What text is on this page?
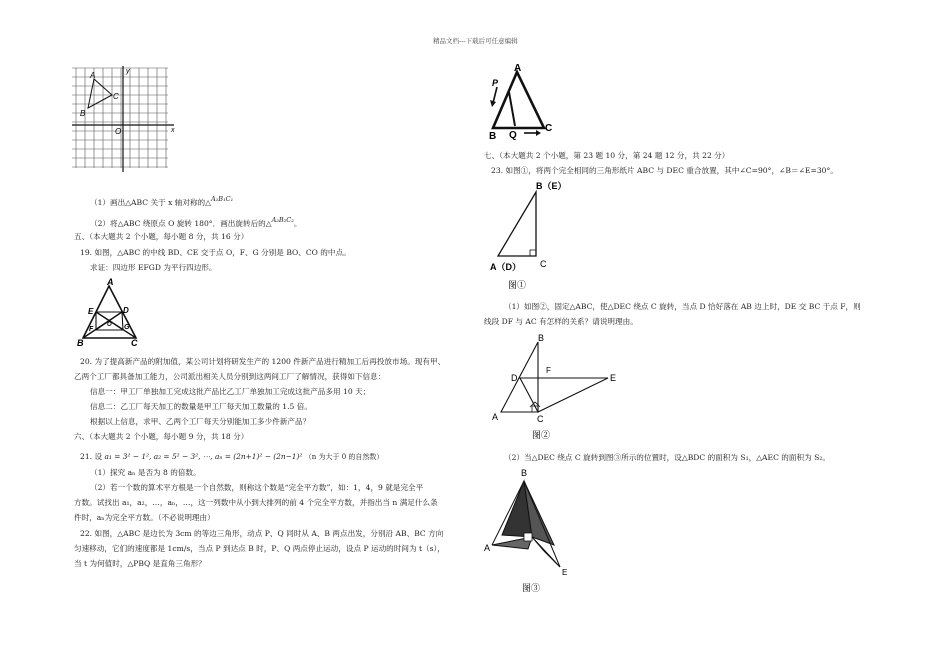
精品文档---下载后可任意编辑
A
B
C
y
x
O
（1）画出△ABC 关于 x 轴对称的△A₁B₁C₁
（2）将△ABC 绕原点 O 旋转 180°．画出旋转后的△A₂B₂C₂。
五、（本大题共 2 个小题，每小题 8 分，共 16 分）
19. 如图，△ABC 的中线 BD、CE 交于点 O，F、G 分别是 BO、CO 的中点。
求证：四边形 EFGD 为平行四边形。
A
B	C
D
E
F	G
O
20. 为了提高新产品的附加值，某公司计划将研发生产的 1200 件新产品进行精加工后再投放市场。现有甲、
乙两个工厂都具备加工能力，公司派出相关人员分别到这两间工厂了解情况，获得如下信息：
信息一：甲工厂单独加工完成这批产品比乙工厂单独加工完成这批产品多用 10 天；
信息二：乙工厂每天加工的数量是甲工厂每天加工数量的 1.5 倍。
根据以上信息，求甲、乙两个工厂每天分别能加工多少件新产品？
六、（本大题共 2 个小题，每小题 9 分，共 18 分）
21. 设 a₁ = 3² − 1², a₂ = 5² − 3², ⋯, aₙ = (2n+1)² − (2n−1)² （n 为大于 0 的自然数）
（1）探究 aₙ 是否为 8 的倍数。
（2）若一个数的算术平方根是一个自然数，则称这个数是“完全平方数”，如：1，4，9 就是完全平
方数。试找出 a₁，a₂，…，aₙ，…，这一列数中从小到大排列的前 4 个完全平方数，并指出当 n 满足什么条
件时，aₙ为完全平方数。（不必说明理由）
22. 如图，△ABC 是边长为 3cm 的等边三角形，动点 P、Q 同时从 A、B 两点出发，分别沿 AB、BC 方向
匀速移动，它们的速度都是 1cm/s，当点 P 到达点 B 时，P、Q 两点停止运动，设点 P 运动的时间为 t（s），
当 t 为何值时，△PBQ 是直角三角形？
A
P
B Q
C
七、（本大题共 2 个小题，第 23 题 10 分，第 24 题 12 分，共 22 分）
23. 如图①，将两个完全相同的三角形纸片 ABC 与 DEC 重合放置，其中∠C=90°，∠B＝∠E=30°。
B（E）
A（D） C
图①
（1）如图②，固定△ABC，使△DEC 绕点 C 旋转，当点 D 恰好落在 AB 边上时，DE 交 BC 于点 F，则
线段 DF 与 AC 有怎样的关系？请说明理由。
B
D
F
E
A	C
图②
（2）当△DEC 绕点 C 旋转到图③所示的位置时，设△BDC 的面积为 S₁，△AEC 的面积为 S₂。
B
A
E
图③
